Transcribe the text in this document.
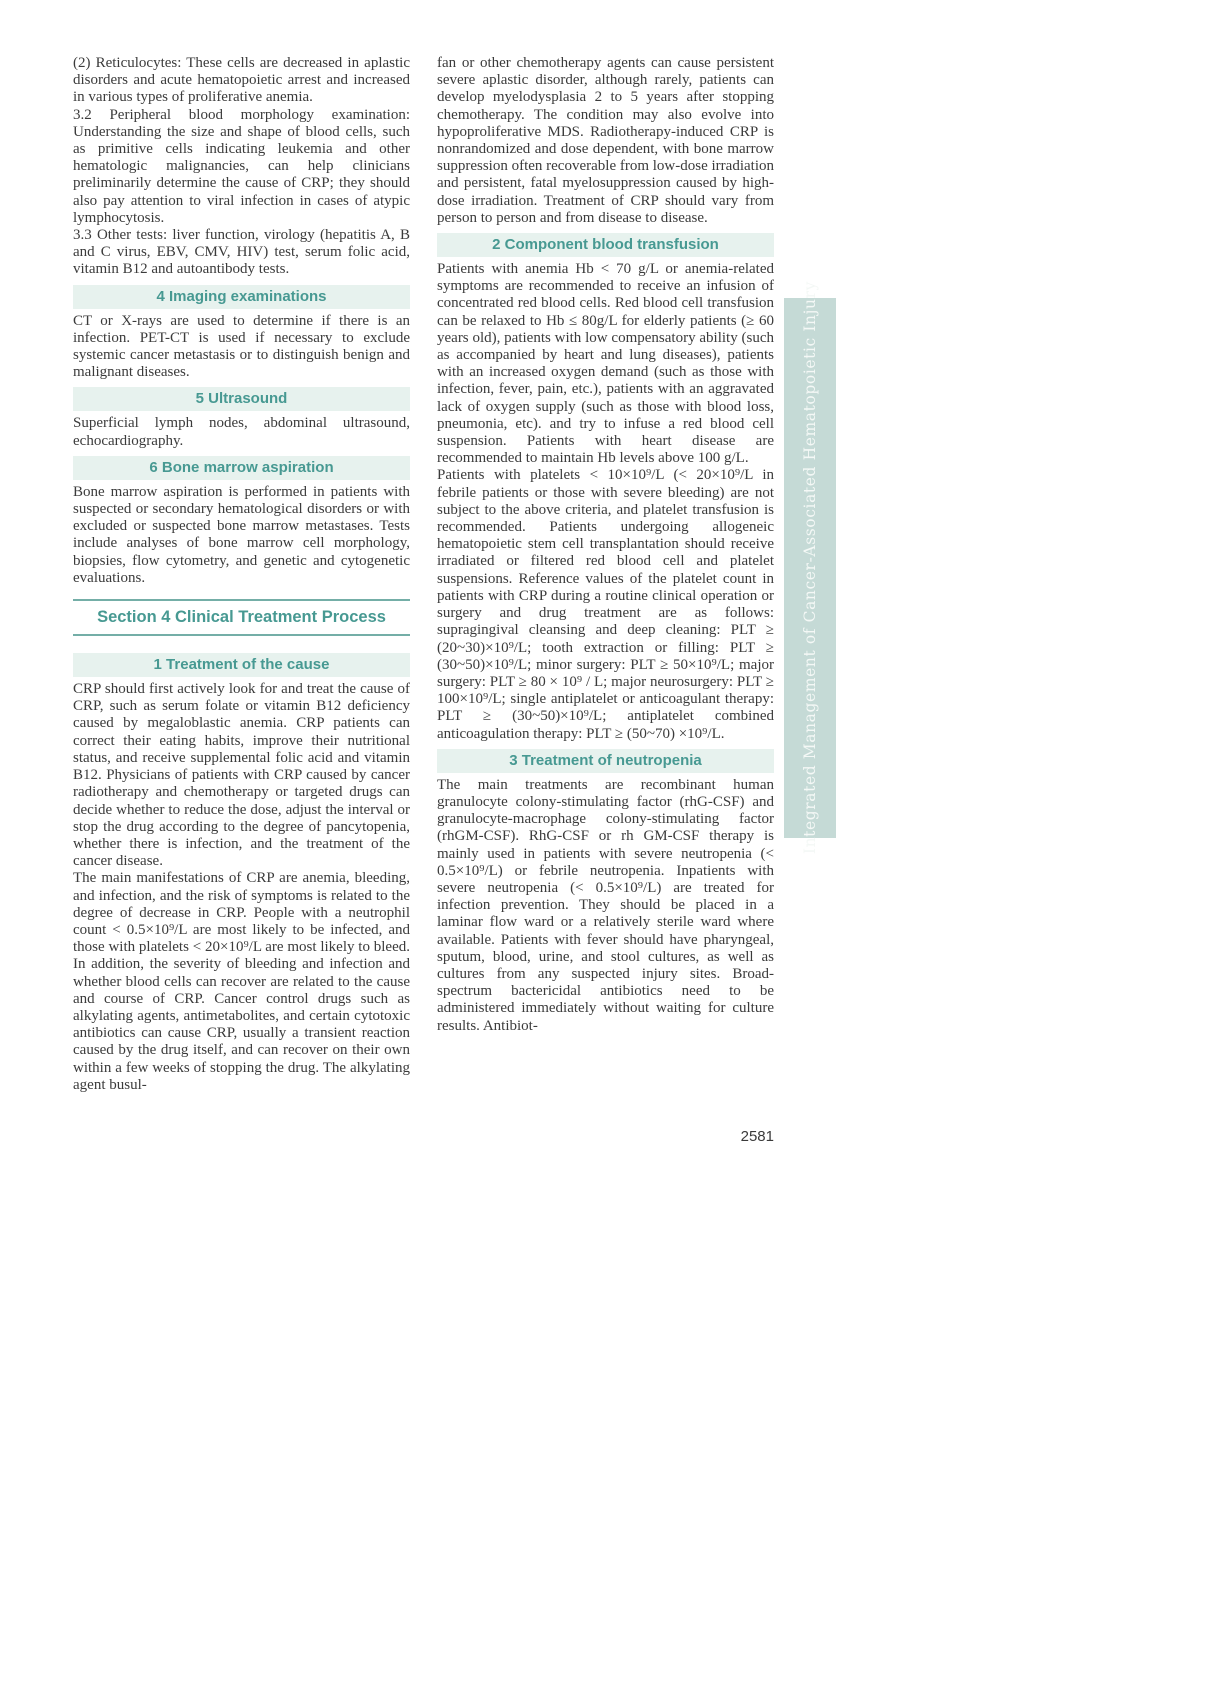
(2) Reticulocytes: These cells are decreased in aplastic disorders and acute hematopoietic arrest and increased in various types of proliferative anemia.

3.2 Peripheral blood morphology examination: Understanding the size and shape of blood cells, such as primitive cells indicating leukemia and other hematologic malignancies, can help clinicians preliminarily determine the cause of CRP; they should also pay attention to viral infection in cases of atypic lymphocytosis.

3.3 Other tests: liver function, virology (hepatitis A, B and C virus, EBV, CMV, HIV) test, serum folic acid, vitamin B12 and autoantibody tests.

4 Imaging examinations

CT or X-rays are used to determine if there is an infection. PET-CT is used if necessary to exclude systemic cancer metastasis or to distinguish benign and malignant diseases.

5 Ultrasound

Superficial lymph nodes, abdominal ultrasound, echocardiography.

6 Bone marrow aspiration

Bone marrow aspiration is performed in patients with suspected or secondary hematological disorders or with excluded or suspected bone marrow metastases. Tests include analyses of bone marrow cell morphology, biopsies, flow cytometry, and genetic and cytogenetic evaluations.

Section 4 Clinical Treatment Process
1 Treatment of the cause

CRP should first actively look for and treat the cause of CRP, such as serum folate or vitamin B12 deficiency caused by megaloblastic anemia. CRP patients can correct their eating habits, improve their nutritional status, and receive supplemental folic acid and vitamin B12. Physicians of patients with CRP caused by cancer radiotherapy and chemotherapy or targeted drugs can decide whether to reduce the dose, adjust the interval or stop the drug according to the degree of pancytopenia, whether there is infection, and the treatment of the cancer disease.

The main manifestations of CRP are anemia, bleeding, and infection, and the risk of symptoms is related to the degree of decrease in CRP. People with a neutrophil count < 0.5×10⁹/L are most likely to be infected, and those with platelets < 20×10⁹/L are most likely to bleed. In addition, the severity of bleeding and infection and whether blood cells can recover are related to the cause and course of CRP. Cancer control drugs such as alkylating agents, antimetabolites, and certain cytotoxic antibiotics can cause CRP, usually a transient reaction caused by the drug itself, and can recover on their own within a few weeks of stopping the drug. The alkylating agent busul-

fan or other chemotherapy agents can cause persistent severe aplastic disorder, although rarely, patients can develop myelodysplasia 2 to 5 years after stopping chemotherapy. The condition may also evolve into hypoproliferative MDS. Radiotherapy-induced CRP is nonrandomized and dose dependent, with bone marrow suppression often recoverable from low-dose irradiation and persistent, fatal myelosuppression caused by high-dose irradiation. Treatment of CRP should vary from person to person and from disease to disease.

2 Component blood transfusion

Patients with anemia Hb < 70 g/L or anemia-related symptoms are recommended to receive an infusion of concentrated red blood cells. Red blood cell transfusion can be relaxed to Hb ≤ 80g/L for elderly patients (≥ 60 years old), patients with low compensatory ability (such as accompanied by heart and lung diseases), patients with an increased oxygen demand (such as those with infection, fever, pain, etc.), patients with an aggravated lack of oxygen supply (such as those with blood loss, pneumonia, etc). and try to infuse a red blood cell suspension. Patients with heart disease are recommended to maintain Hb levels above 100 g/L.

Patients with platelets < 10×10⁹/L (< 20×10⁹/L in febrile patients or those with severe bleeding) are not subject to the above criteria, and platelet transfusion is recommended. Patients undergoing allogeneic hematopoietic stem cell transplantation should receive irradiated or filtered red blood cell and platelet suspensions. Reference values of the platelet count in patients with CRP during a routine clinical operation or surgery and drug treatment are as follows: supragingival cleansing and deep cleaning: PLT ≥ (20~30)×10⁹/L; tooth extraction or filling: PLT ≥ (30~50)×10⁹/L; minor surgery: PLT ≥ 50×10⁹/L; major surgery: PLT ≥ 80 × 10⁹ / L; major neurosurgery: PLT ≥ 100×10⁹/L; single antiplatelet or anticoagulant therapy: PLT ≥ (30~50)×10⁹/L; antiplatelet combined anticoagulation therapy: PLT ≥ (50~70) ×10⁹/L.

3 Treatment of neutropenia

The main treatments are recombinant human granulocyte colony-stimulating factor (rhG-CSF) and granulocyte-macrophage colony-stimulating factor (rhGM-CSF). RhG-CSF or rh GM-CSF therapy is mainly used in patients with severe neutropenia (< 0.5×10⁹/L) or febrile neutropenia. Inpatients with severe neutropenia (< 0.5×10⁹/L) are treated for infection prevention. They should be placed in a laminar flow ward or a relatively sterile ward where available. Patients with fever should have pharyngeal, sputum, blood, urine, and stool cultures, as well as cultures from any suspected injury sites. Broad-spectrum bactericidal antibiotics need to be administered immediately without waiting for culture results. Antibiot-

Integrated Management of Cancer-Associated Hematopoietic Injury
2581
